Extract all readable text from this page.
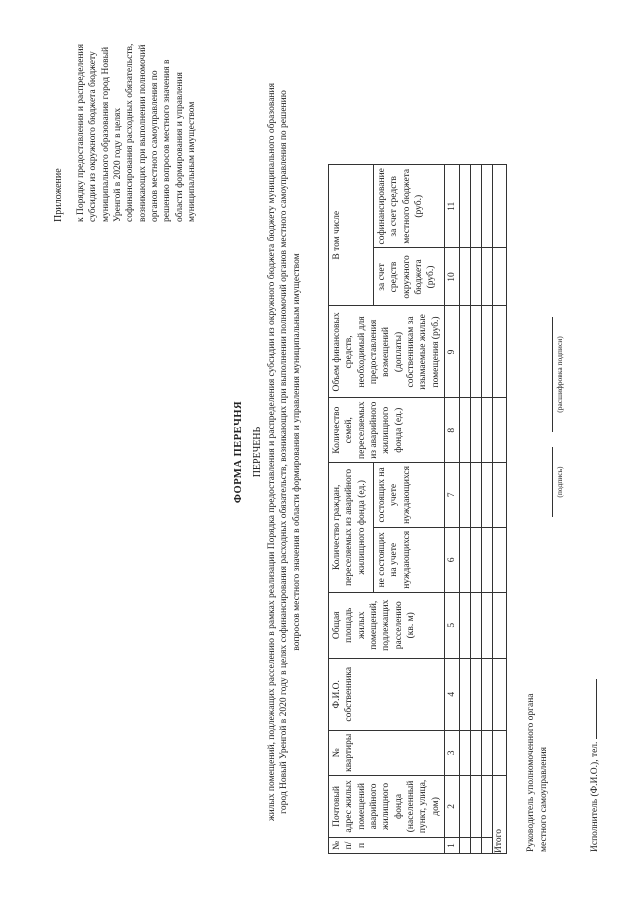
Приложение к Порядку предоставления и распределения субсидии из окружного бюджета бюджету муниципального образования город Новый Уренгой в 2020 году в целях софинансирования расходных обязательств, возникающих при выполнении полномочий органов местного самоуправления по решению вопросов местного значения в области формирования и управления муниципальным имуществом
ФОРМА ПЕРЕЧНЯ ПЕРЕЧЕНЬ жилых помещений, подлежащих расселению в рамках реализации Порядка предоставления и распределения субсидии из окружного бюджета бюджету муниципального образования город Новый Уренгой в 2020 году в целях софинансирования расходных обязательств, возникающих при выполнении полномочий органов местного самоуправления по решению вопросов местного значения в области формирования и управления муниципальным имуществом
№ п/п	Почтовый адрес жилых помещений аварийного жилищного фонда (населенный пункт, улица, дом)	№ квартиры	Ф.И.О. собственника	Общая площадь жилых помещений, подлежащих расселению (кв. м)	Количество граждан, переселяемых из аварийного жилищного фонда (ед.)		Количество семей, переселяемых из аварийного жилищного фонда (ед.)	Объем финансовых средств, необходимый для предоставления возмещений (доплаты) собственникам за изымаемые жилые помещения (руб.)	В том числе	
					не состоящих на учете нуждающихся	состоящих на учете нуждающихся			за счет средств окружного бюджета (руб.)	софинансирование за счет средств местного бюджета (руб.)
1	2	3	4	5	6	7	8	9	10	11

Итого										Руководитель уполномоченного органа местного самоуправления
(подпись)
(расшифровка подписи)
Исполнитель (Ф.И.О.), тел.
